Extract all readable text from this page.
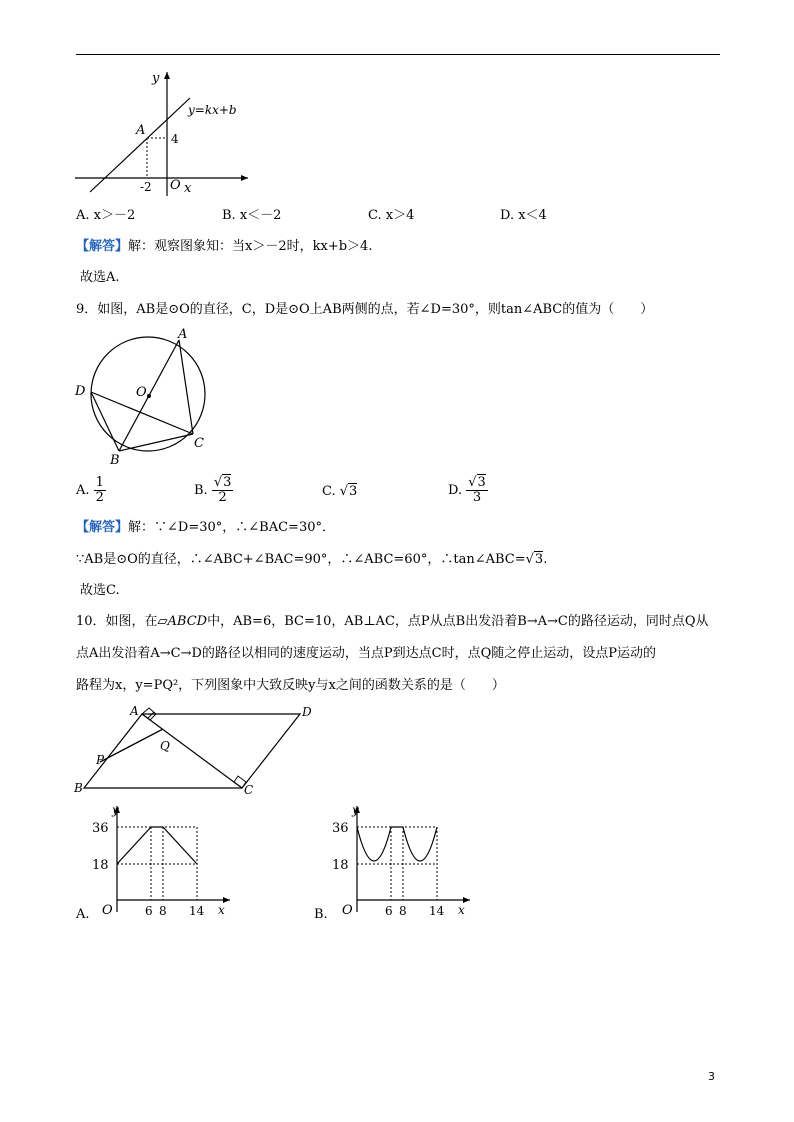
y
x
O
y=kx+b
A
4
-2
A. x＞－2	B. x＜－2	C. x＞4	D. x＜4
【解答】解：观察图象知：当x＞－2时，kx+b＞4.
故选A.
9．如图，AB是⊙O的直径，C，D是⊙O上AB两侧的点，若∠D=30°，则tan∠ABC的值为（　　）
A
B
C
D	O
A. $\frac{1}{2}$	B. $\frac{√3}{2}$	C. √3	D. $\frac{√3}{3}$
【解答】解：∵∠D=30°，∴∠BAC=30°．
∵AB是⊙O的直径，∴∠ABC+∠BAC=90°，∴∠ABC=60°，∴tan∠ABC=√3.
故选C.
10．如图，在▱ABCD中，AB=6，BC=10，AB⊥AC，点P从点B出发沿着B→A→C的路径运动，同时点Q从
点A出发沿着A→C→D的路径以相同的速度运动，当点P到达点C时，点Q随之停止运动，设点P运动的
路程为x，y=PQ²，下列图象中大致反映y与x之间的函数关系的是（　　）
A	D
B	C
P
Q
y
x
36
18
O	6 8 14
A.
y
x
36
18
O	6 8 14
B.
3
